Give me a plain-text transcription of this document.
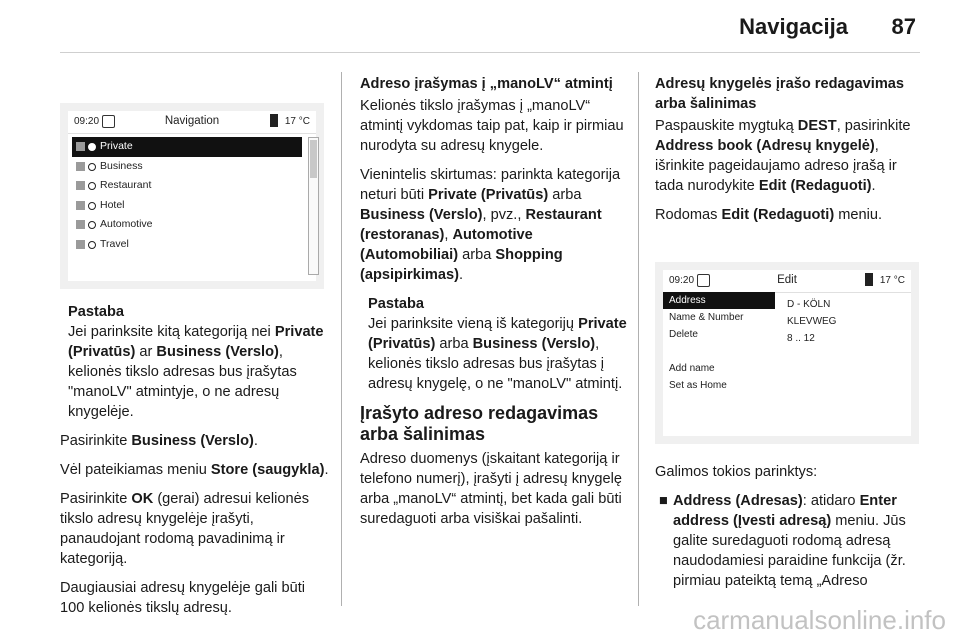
Navigacija 87
09:20	Navigation	17 °C
Private
Business
Restaurant
Hotel
Automotive
Travel

Pastaba

Jei parinksite kitą kategoriją nei Private (Privatūs) ar Business (Verslo), kelionės tikslo adresas bus įrašytas "manoLV" atmintyje, o ne adresų knygelėje.

Pasirinkite Business (Verslo).

Vėl pateikiamas meniu Store (saugykla).

Pasirinkite OK (gerai) adresui kelionės tikslo adresų knygelėje įrašyti, panaudojant rodomą pavadinimą ir kategoriją.

Daugiausiai adresų knygelėje gali būti 100 kelionės tikslų adresų.

Adreso įrašymas į „manoLV“ atmintį

Kelionės tikslo įrašymas į „manoLV“ atmintį vykdomas taip pat, kaip ir pirmiau nurodyta su adresų knygele.

Vienintelis skirtumas: parinkta kategorija neturi būti Private (Privatūs) arba Business (Verslo), pvz., Restaurant (restoranas), Automotive (Automobiliai) arba Shopping (apsipirkimas).

Pastaba

Jei parinksite vieną iš kategorijų Private (Privatūs) arba Business (Verslo), kelionės tikslo adresas bus įrašytas į adresų knygelę, o ne "manoLV" atmintį.

Įrašyto adreso redagavimas arba šalinimas

Adreso duomenys (įskaitant kategoriją ir telefono numerį), įrašyti į adresų knygelę arba „manoLV“ atmintį, bet kada gali būti suredaguoti arba visiškai pašalinti.

Adresų knygelės įrašo redagavimas arba šalinimas

Paspauskite mygtuką DEST, pasirinkite Address book (Adresų knygelė), išrinkite pageidaujamo adreso įrašą ir tada nurodykite Edit (Redaguoti).

Rodomas Edit (Redaguoti) meniu.

09:20	Edit	17 °C
Address
Name & Number
Delete
Add name
Set as Home
D - KÖLN
KLEVWEG
8 .. 12

Galimos tokios parinktys:

■ Address (Adresas): atidaro Enter address (Įvesti adresą) meniu. Jūs galite suredaguoti rodomą adresą naudodamiesi paraidine funkcija (žr. pirmiau pateiktą temą „Adreso
carmanualsonline.info
